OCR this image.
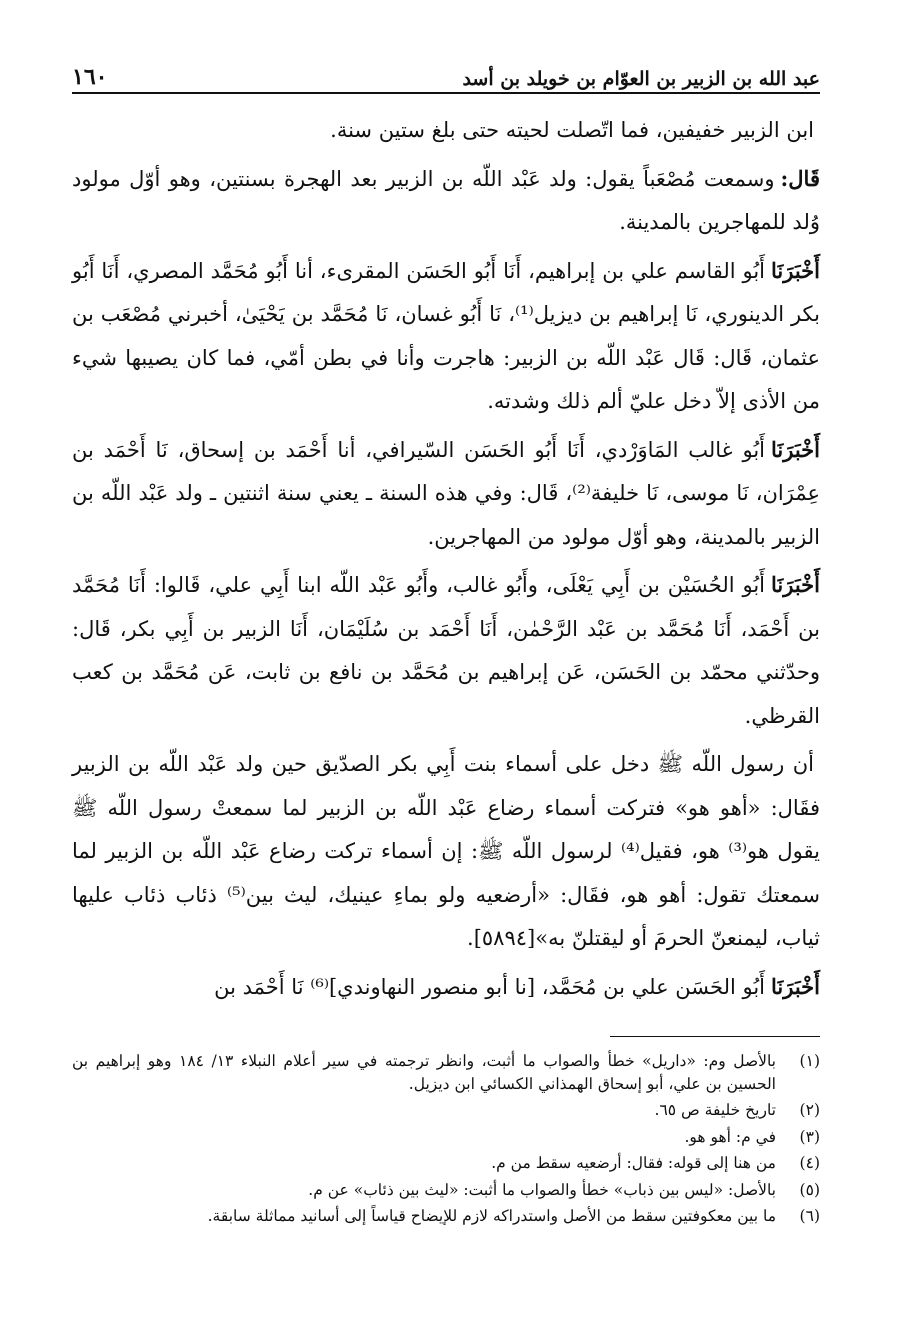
عبد الله بن الزبير بن العوّام بن خويلد بن أسد
١٦٠

ابن الزبير خفيفين، فما اتّصلت لحيته حتى بلغ ستين سنة.

قَال:وسمعت مُصْعَباً يقول: ولد عَبْد اللّه بن الزبير بعد الهجرة بسنتين، وهو أوّل مولود وُلد للمهاجرين بالمدينة.

أَخْبَرَنَاأَبُو القاسم علي بن إبراهيم، أَنَا أَبُو الحَسَن المقرىء، أنا أَبُو مُحَمَّد المصري، أَنَا أَبُو بكر الدينوري، نَا إبراهيم بن ديزيل⁽¹⁾، نَا أَبُو غسان، نَا مُحَمَّد بن يَحْيَىٰ، أخبرني مُصْعَب بن عثمان، قَال: قَال عَبْد اللّه بن الزبير: هاجرت وأنا في بطن أمّي، فما كان يصيبها شيء من الأذى إلاّ دخل عليّ ألم ذلك وشدته.

أَخْبَرَنَاأَبُو غالب المَاوَرْدي، أَنَا أَبُو الحَسَن السّيرافي، أنا أَحْمَد بن إسحاق، نَا أَحْمَد بن عِمْرَان، نَا موسى، نَا خليفة⁽²⁾، قَال: وفي هذه السنة ـ يعني سنة اثنتين ـ ولد عَبْد اللّه بن الزبير بالمدينة، وهو أوّل مولود من المهاجرين.

أَخْبَرَنَاأَبُو الحُسَيْن بن أَبِي يَعْلَى، وأَبُو غالب، وأَبُو عَبْد اللّه ابنا أَبِي علي، قَالوا: أَنَا مُحَمَّد بن أَحْمَد، أَنَا مُحَمَّد بن عَبْد الرَّحْمٰن، أَنَا أَحْمَد بن سُلَيْمَان، أَنَا الزبير بن أَبِي بكر، قَال: وحدّثني محمّد بن الحَسَن، عَن إبراهيم بن مُحَمَّد بن نافع بن ثابت، عَن مُحَمَّد بن كعب القرظي.

أن رسول اللّه ﷺ دخل على أسماء بنت أَبِي بكر الصدّيق حين ولد عَبْد اللّه بن الزبير فقَال: «أهو هو» فتركت أسماء رضاع عَبْد اللّه بن الزبير لما سمعتْ رسول اللّه ﷺ يقول هو⁽³⁾ هو، فقيل⁽⁴⁾ لرسول اللّه ﷺ: إن أسماء تركت رضاع عَبْد اللّه بن الزبير لما سمعتك تقول: أهو هو، فقَال: «أرضعيه ولو بماءِ عينيك، ليث بين⁽⁵⁾ ذئاب ذئاب عليها ثياب، ليمنعنّ الحرمَ أو ليقتلنّ به»[٥٨٩٤].

أَخْبَرَنَاأَبُو الحَسَن علي بن مُحَمَّد، [نا أبو منصور النهاوندي]⁽⁶⁾ نَا أَحْمَد بن

(١)
بالأصل وم: «داريل» خطأ والصواب ما أثبت، وانظر ترجمته في سير أعلام النبلاء ١٣/ ١٨٤ وهو إبراهيم بن الحسين بن علي، أبو إسحاق الهمذاني الكسائي ابن ديزيل.
(٢)
تاريخ خليفة ص ٦٥.
(٣)
في م: أهو هو.
(٤)
من هنا إلى قوله: فقال: أرضعيه سقط من م.
(٥)
بالأصل: «ليس بين ذباب» خطأ والصواب ما أثبت: «ليث بين ذئاب» عن م.
(٦)
ما بين معكوفتين سقط من الأصل واستدراكه لازم للإيضاح قياساً إلى أسانيد مماثلة سابقة.
